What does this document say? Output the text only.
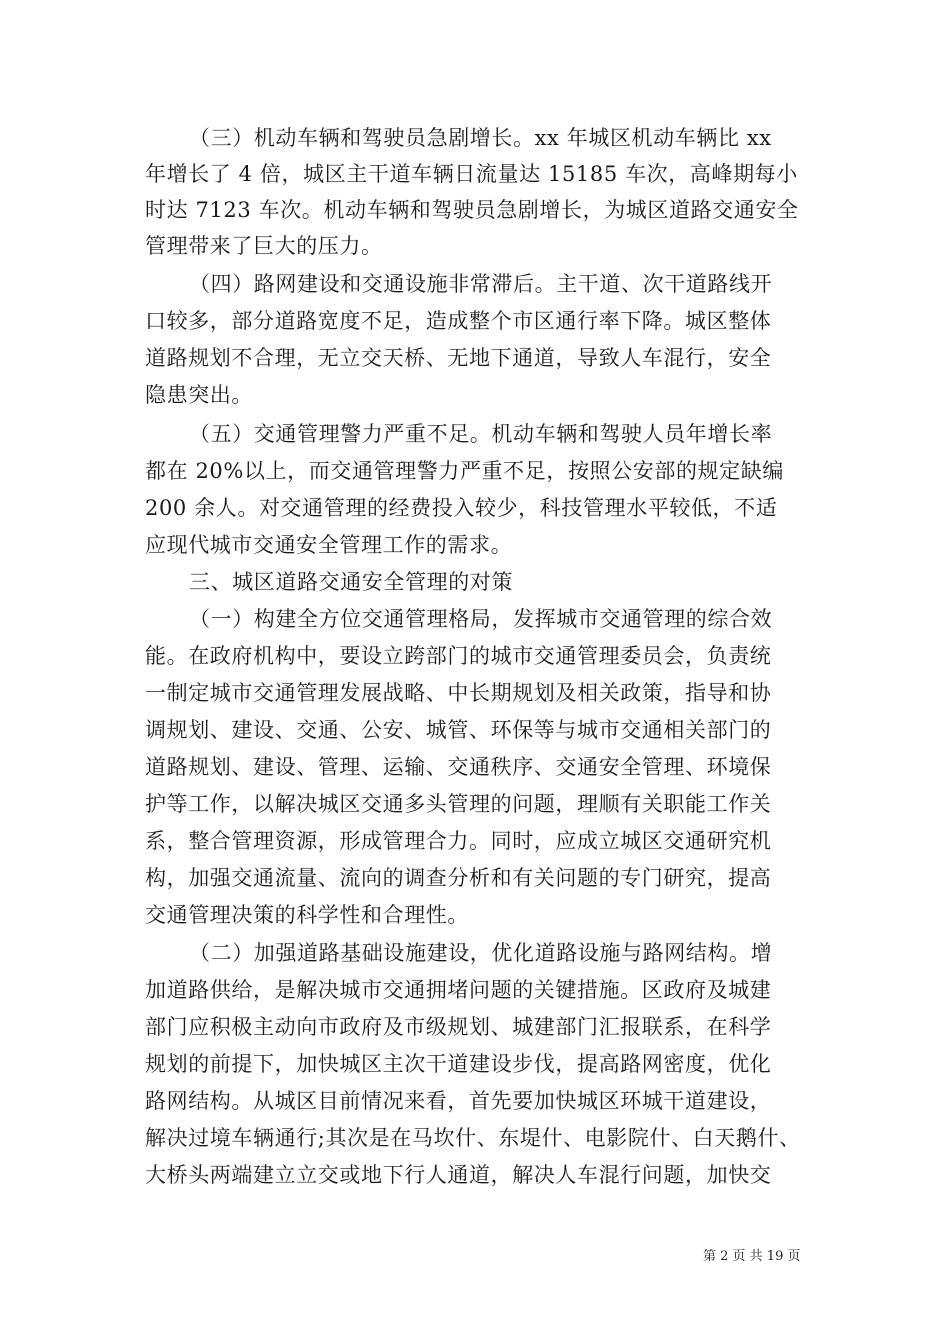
（三）机动车辆和驾驶员急剧增长。xx 年城区机动车辆比 xx
年增长了 4 倍，城区主干道车辆日流量达 15185 车次，高峰期每小
时达 7123 车次。机动车辆和驾驶员急剧增长，为城区道路交通安全
管理带来了巨大的压力。
（四）路网建设和交通设施非常滞后。主干道、次干道路线开
口较多，部分道路宽度不足，造成整个市区通行率下降。城区整体
道路规划不合理，无立交天桥、无地下通道，导致人车混行，安全
隐患突出。
（五）交通管理警力严重不足。机动车辆和驾驶人员年增长率
都在 20%以上，而交通管理警力严重不足，按照公安部的规定缺编
200 余人。对交通管理的经费投入较少，科技管理水平较低，不适
应现代城市交通安全管理工作的需求。
三、城区道路交通安全管理的对策
（一）构建全方位交通管理格局，发挥城市交通管理的综合效
能。在政府机构中，要设立跨部门的城市交通管理委员会，负责统
一制定城市交通管理发展战略、中长期规划及相关政策，指导和协
调规划、建设、交通、公安、城管、环保等与城市交通相关部门的
道路规划、建设、管理、运输、交通秩序、交通安全管理、环境保
护等工作，以解决城区交通多头管理的问题，理顺有关职能工作关
系，整合管理资源，形成管理合力。同时，应成立城区交通研究机
构，加强交通流量、流向的调查分析和有关问题的专门研究，提高
交通管理决策的科学性和合理性。
（二）加强道路基础设施建设，优化道路设施与路网结构。增
加道路供给，是解决城市交通拥堵问题的关键措施。区政府及城建
部门应积极主动向市政府及市级规划、城建部门汇报联系，在科学
规划的前提下，加快城区主次干道建设步伐，提高路网密度，优化
路网结构。从城区目前情况来看，首先要加快城区环城干道建设，
解决过境车辆通行;其次是在马坎什、东堤什、电影院什、白天鹅什、
大桥头两端建立立交或地下行人通道，解决人车混行问题，加快交
第 2 页 共 19 页
